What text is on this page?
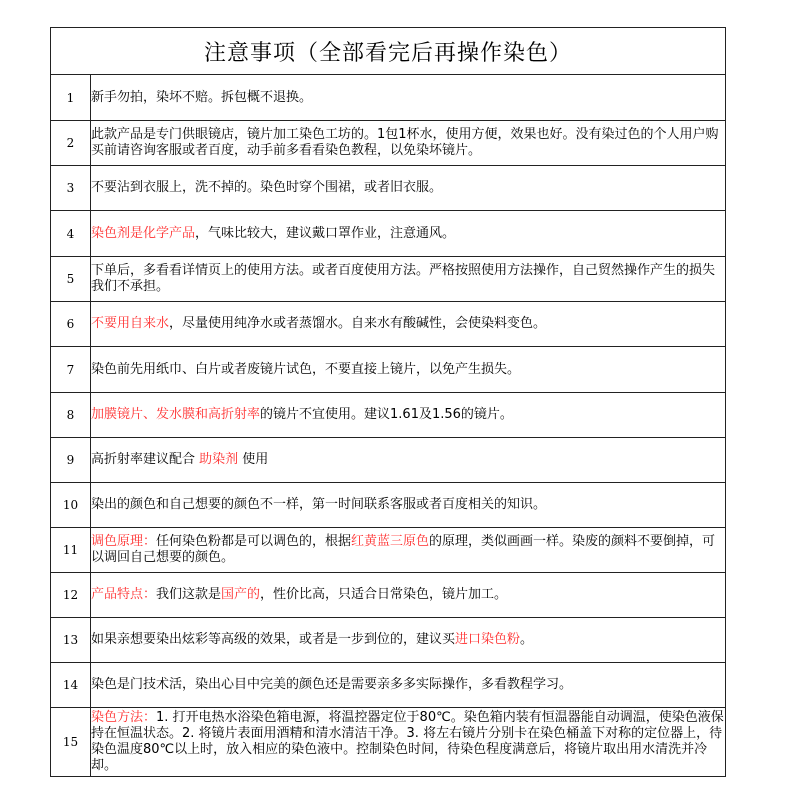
注意事项（全部看完后再操作染色）	
1	新手勿拍，染坏不赔。拆包概不退换。
2	此款产品是专门供眼镜店，镜片加工染色工坊的。1包1杯水，使用方便，效果也好。没有染过色的个人用户购买前请咨询客服或者百度，动手前多看看染色教程，以免染坏镜片。
3	不要沾到衣服上，洗不掉的。染色时穿个围裙，或者旧衣服。
4	染色剂是化学产品，气味比较大，建议戴口罩作业，注意通风。
5	下单后，多看看详情页上的使用方法。或者百度使用方法。严格按照使用方法操作，自己贸然操作产生的损失我们不承担。
6	不要用自来水，尽量使用纯净水或者蒸馏水。自来水有酸碱性，会使染料变色。
7	染色前先用纸巾、白片或者废镜片试色，不要直接上镜片，以免产生损失。
8	加膜镜片、发水膜和高折射率的镜片不宜使用。建议1.61及1.56的镜片。
9	高折射率建议配合 助染剂 使用
10	染出的颜色和自己想要的颜色不一样，第一时间联系客服或者百度相关的知识。
11	调色原理：任何染色粉都是可以调色的，根据红黄蓝三原色的原理，类似画画一样。染废的颜料不要倒掉，可以调回自己想要的颜色。
12	产品特点：我们这款是国产的，性价比高，只适合日常染色，镜片加工。
13	如果亲想要染出炫彩等高级的效果，或者是一步到位的，建议买进口染色粉。
14	染色是门技术活，染出心目中完美的颜色还是需要亲多多实际操作，多看教程学习。
15	染色方法：1. 打开电热水浴染色箱电源，将温控器定位于80℃。染色箱内装有恒温器能自动调温，使染色液保持在恒温状态。2. 将镜片表面用酒精和清水清洁干净。3. 将左右镜片分别卡在染色桶盖下对称的定位器上，待染色温度80℃以上时，放入相应的染色液中。控制染色时间，待染色程度满意后，将镜片取出用水清洗并冷却。
